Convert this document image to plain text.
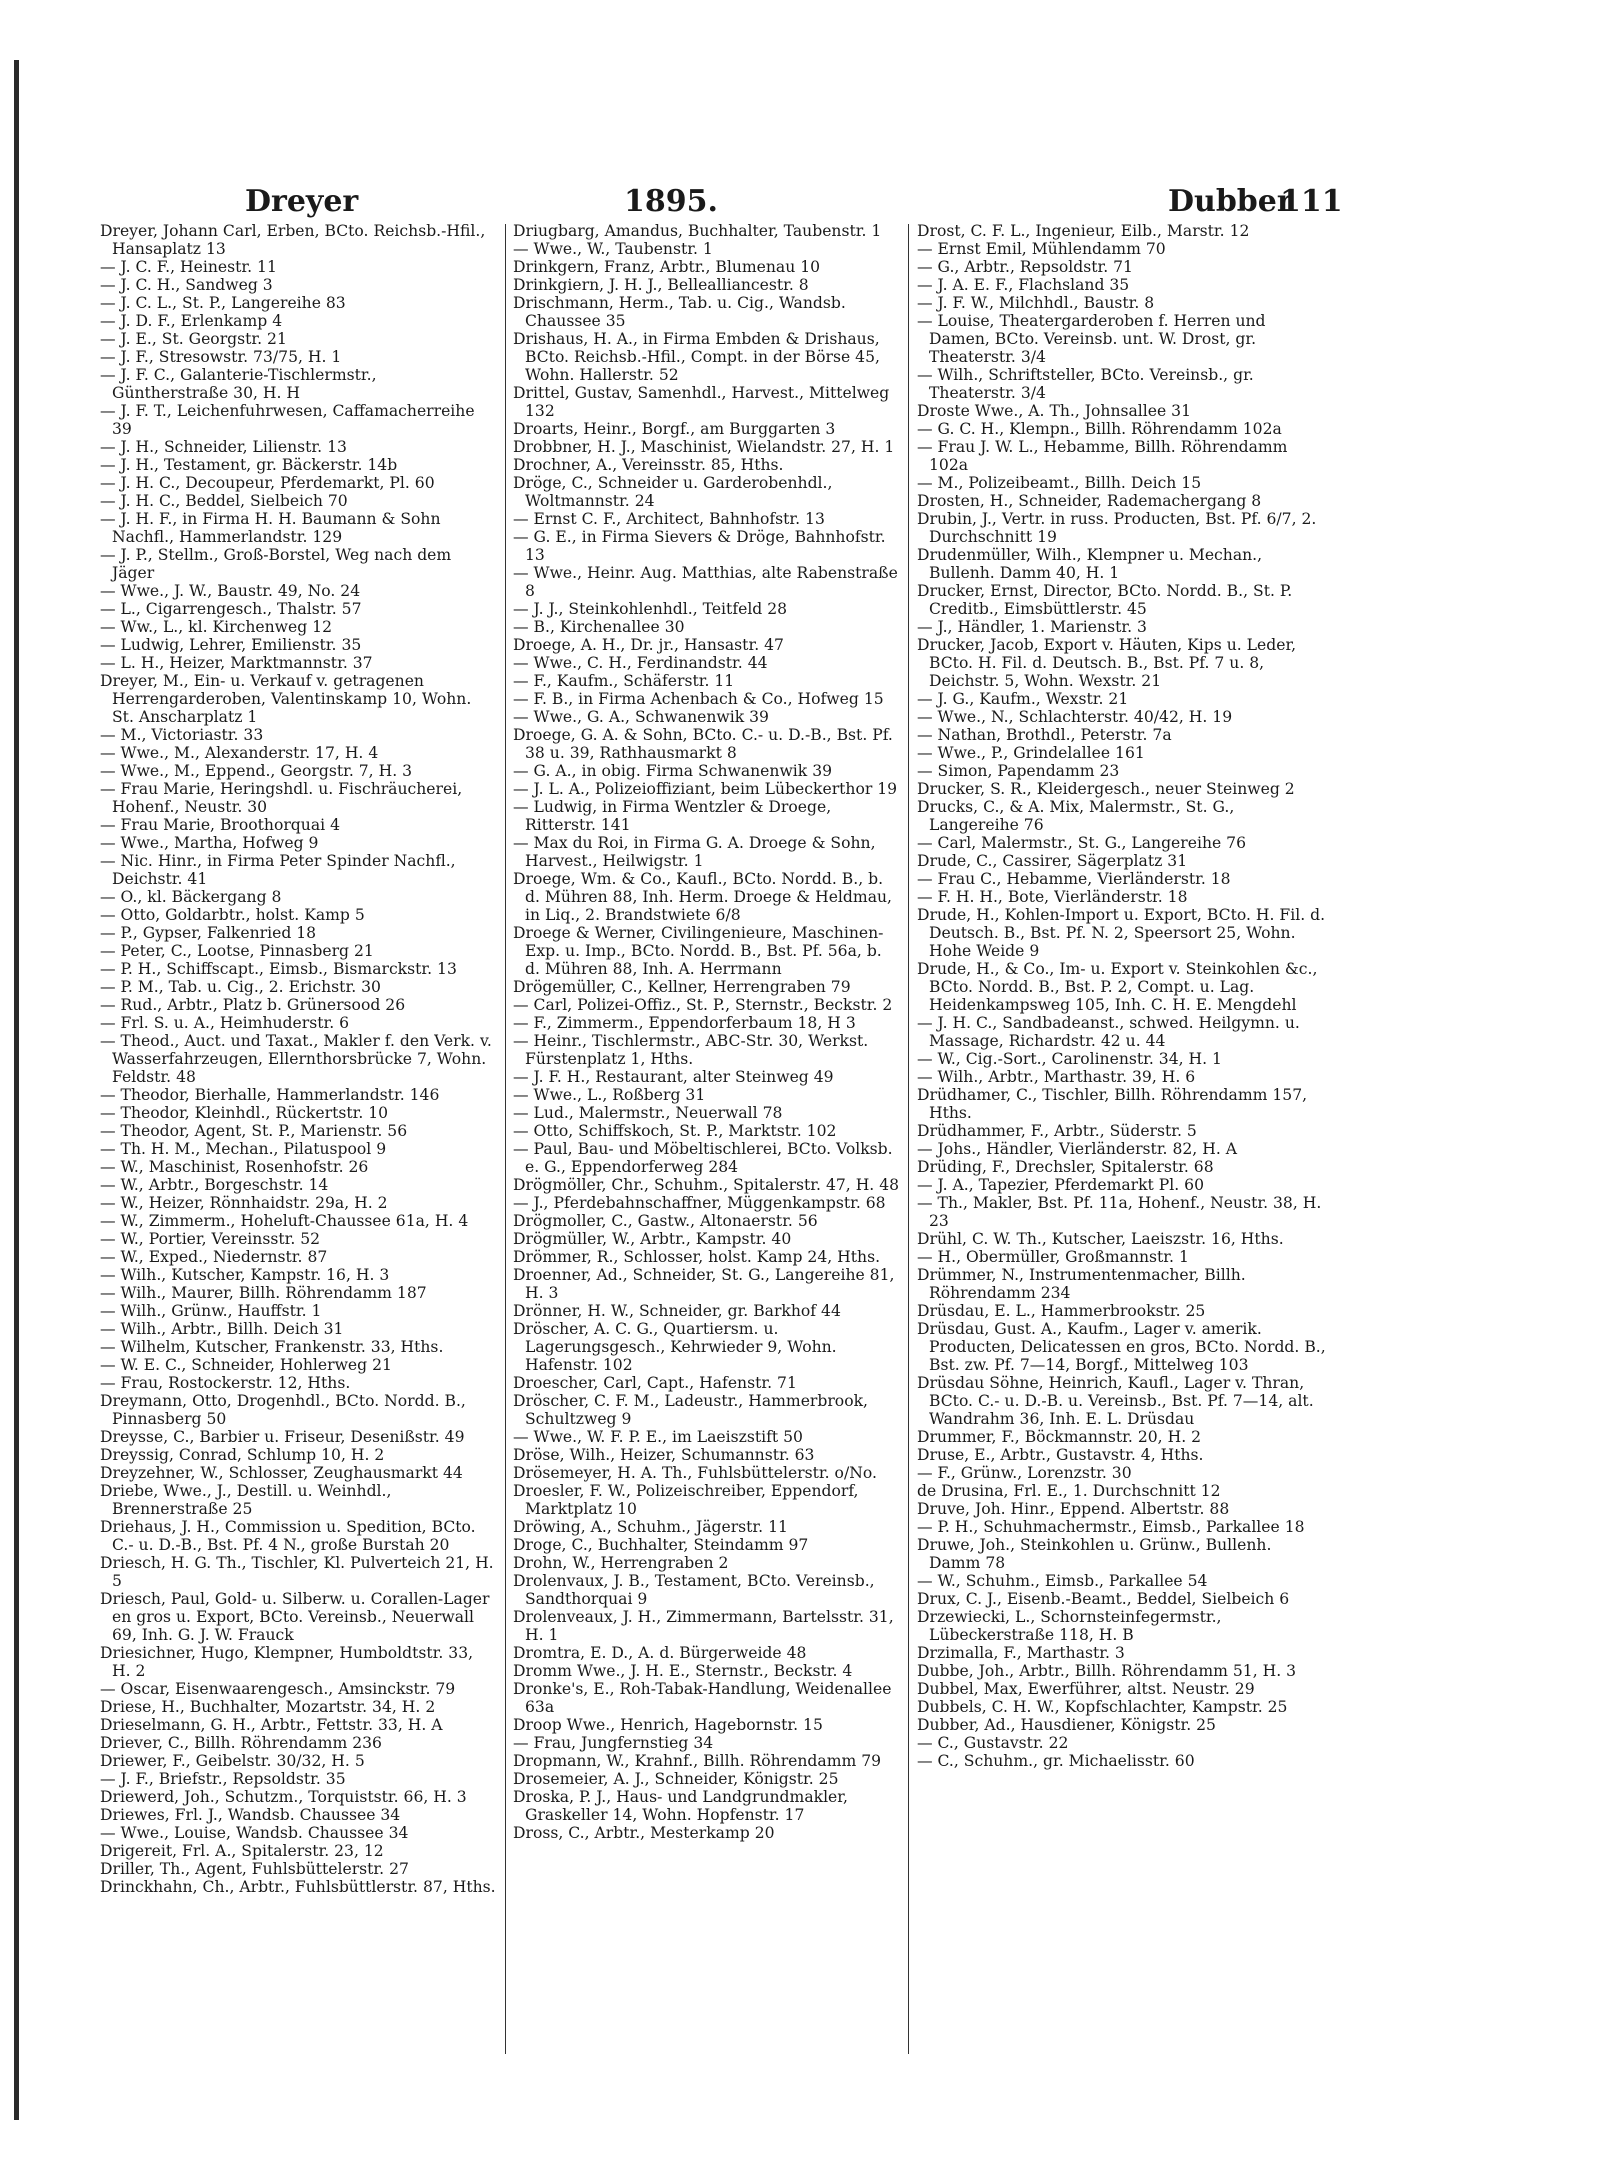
Dreyer	1895.	Dubber
111

Dreyer, Johann Carl, Erben, BCto. Reichsb.-Hfil., Hansaplatz 13

— J. C. F., Heinestr. 11

— J. C. H., Sandweg 3

— J. C. L., St. P., Langereihe 83

— J. D. F., Erlenkamp 4

— J. E., St. Georgstr. 21

— J. F., Stresowstr. 73/75, H. 1

— J. F. C., Galanterie-Tischlermstr., Güntherstraße 30, H. H

— J. F. T., Leichenfuhrwesen, Caffamacherreihe 39

— J. H., Schneider, Lilienstr. 13

— J. H., Testament, gr. Bäckerstr. 14b

— J. H. C., Decoupeur, Pferdemarkt, Pl. 60

— J. H. C., Beddel, Sielbeich 70

— J. H. F., in Firma H. H. Baumann & Sohn Nachfl., Hammerlandstr. 129

— J. P., Stellm., Groß-Borstel, Weg nach dem Jäger

— Wwe., J. W., Baustr. 49, No. 24

— L., Cigarrengesch., Thalstr. 57

— Ww., L., kl. Kirchenweg 12

— Ludwig, Lehrer, Emilienstr. 35

— L. H., Heizer, Marktmannstr. 37

Dreyer, M., Ein- u. Verkauf v. getragenen Herrengarderoben, Valentinskamp 10, Wohn. St. Anscharplatz 1

— M., Victoriastr. 33

— Wwe., M., Alexanderstr. 17, H. 4

— Wwe., M., Eppend., Georgstr. 7, H. 3

— Frau Marie, Heringshdl. u. Fischräucherei, Hohenf., Neustr. 30

— Frau Marie, Broothorquai 4

— Wwe., Martha, Hofweg 9

— Nic. Hinr., in Firma Peter Spinder Nachfl., Deichstr. 41

— O., kl. Bäckergang 8

— Otto, Goldarbtr., holst. Kamp 5

— P., Gypser, Falkenried 18

— Peter, C., Lootse, Pinnasberg 21

— P. H., Schiffscapt., Eimsb., Bismarckstr. 13

— P. M., Tab. u. Cig., 2. Erichstr. 30

— Rud., Arbtr., Platz b. Grünersood 26

— Frl. S. u. A., Heimhuderstr. 6

— Theod., Auct. und Taxat., Makler f. den Verk. v. Wasserfahrzeugen, Ellernthorsbrücke 7, Wohn. Feldstr. 48

— Theodor, Bierhalle, Hammerlandstr. 146

— Theodor, Kleinhdl., Rückertstr. 10

— Theodor, Agent, St. P., Marienstr. 56

— Th. H. M., Mechan., Pilatuspool 9

— W., Maschinist, Rosenhofstr. 26

— W., Arbtr., Borgeschstr. 14

— W., Heizer, Rönnhaidstr. 29a, H. 2

— W., Zimmerm., Hoheluft-Chaussee 61a, H. 4

— W., Portier, Vereinsstr. 52

— W., Exped., Niedernstr. 87

— Wilh., Kutscher, Kampstr. 16, H. 3

— Wilh., Maurer, Billh. Röhrendamm 187

— Wilh., Grünw., Hauffstr. 1

— Wilh., Arbtr., Billh. Deich 31

— Wilhelm, Kutscher, Frankenstr. 33, Hths.

— W. E. C., Schneider, Hohlerweg 21

— Frau, Rostockerstr. 12, Hths.

Dreymann, Otto, Drogenhdl., BCto. Nordd. B., Pinnasberg 50

Dreysse, C., Barbier u. Friseur, Desenißstr. 49

Dreyssig, Conrad, Schlump 10, H. 2

Dreyzehner, W., Schlosser, Zeughausmarkt 44

Driebe, Wwe., J., Destill. u. Weinhdl., Brennerstraße 25

Driehaus, J. H., Commission u. Spedition, BCto. C.- u. D.-B., Bst. Pf. 4 N., große Burstah 20

Driesch, H. G. Th., Tischler, Kl. Pulverteich 21, H. 5

Driesch, Paul, Gold- u. Silberw. u. Corallen-Lager en gros u. Export, BCto. Vereinsb., Neuerwall 69, Inh. G. J. W. Frauck

Driesichner, Hugo, Klempner, Humboldtstr. 33, H. 2

— Oscar, Eisenwaarengesch., Amsinckstr. 79

Driese, H., Buchhalter, Mozartstr. 34, H. 2

Drieselmann, G. H., Arbtr., Fettstr. 33, H. A

Driever, C., Billh. Röhrendamm 236

Driewer, F., Geibelstr. 30/32, H. 5

— J. F., Briefstr., Repsoldstr. 35

Driewerd, Joh., Schutzm., Torquiststr. 66, H. 3

Driewes, Frl. J., Wandsb. Chaussee 34

— Wwe., Louise, Wandsb. Chaussee 34

Drigereit, Frl. A., Spitalerstr. 23, 12

Driller, Th., Agent, Fuhlsbüttelerstr. 27

Drinckhahn, Ch., Arbtr., Fuhlsbüttlerstr. 87, Hths.

Driugbarg, Amandus, Buchhalter, Taubenstr. 1

— Wwe., W., Taubenstr. 1

Drinkgern, Franz, Arbtr., Blumenau 10

Drinkgiern, J. H. J., Bellealliancestr. 8

Drischmann, Herm., Tab. u. Cig., Wandsb. Chaussee 35

Drishaus, H. A., in Firma Embden & Drishaus, BCto. Reichsb.-Hfil., Compt. in der Börse 45, Wohn. Hallerstr. 52

Drittel, Gustav, Samenhdl., Harvest., Mittelweg 132

Droarts, Heinr., Borgf., am Burggarten 3

Drobbner, H. J., Maschinist, Wielandstr. 27, H. 1

Drochner, A., Vereinsstr. 85, Hths.

Dröge, C., Schneider u. Garderobenhdl., Woltmannstr. 24

— Ernst C. F., Architect, Bahnhofstr. 13

— G. E., in Firma Sievers & Dröge, Bahnhofstr. 13

— Wwe., Heinr. Aug. Matthias, alte Rabenstraße 8

— J. J., Steinkohlenhdl., Teitfeld 28

— B., Kirchenallee 30

Droege, A. H., Dr. jr., Hansastr. 47

— Wwe., C. H., Ferdinandstr. 44

— F., Kaufm., Schäferstr. 11

— F. B., in Firma Achenbach & Co., Hofweg 15

— Wwe., G. A., Schwanenwik 39

Droege, G. A. & Sohn, BCto. C.- u. D.-B., Bst. Pf. 38 u. 39, Rathhausmarkt 8

— G. A., in obig. Firma Schwanenwik 39

— J. L. A., Polizeioffiziant, beim Lübeckerthor 19

— Ludwig, in Firma Wentzler & Droege, Ritterstr. 141

— Max du Roi, in Firma G. A. Droege & Sohn, Harvest., Heilwigstr. 1

Droege, Wm. & Co., Kaufl., BCto. Nordd. B., b. d. Mühren 88, Inh. Herm. Droege & Heldmau, in Liq., 2. Brandstwiete 6/8

Droege & Werner, Civilingenieure, Maschinen-Exp. u. Imp., BCto. Nordd. B., Bst. Pf. 56a, b. d. Mühren 88, Inh. A. Herrmann

Drögemüller, C., Kellner, Herrengraben 79

— Carl, Polizei-Offiz., St. P., Sternstr., Beckstr. 2

— F., Zimmerm., Eppendorferbaum 18, H 3

— Heinr., Tischlermstr., ABC-Str. 30, Werkst. Fürstenplatz 1, Hths.

— J. F. H., Restaurant, alter Steinweg 49

— Wwe., L., Roßberg 31

— Lud., Malermstr., Neuerwall 78

— Otto, Schiffskoch, St. P., Marktstr. 102

— Paul, Bau- und Möbeltischlerei, BCto. Volksb. e. G., Eppendorferweg 284

Drögmöller, Chr., Schuhm., Spitalerstr. 47, H. 48

— J., Pferdebahnschaffner, Müggenkampstr. 68

Drögmoller, C., Gastw., Altonaerstr. 56

Drögmüller, W., Arbtr., Kampstr. 40

Drömmer, R., Schlosser, holst. Kamp 24, Hths.

Droenner, Ad., Schneider, St. G., Langereihe 81, H. 3

Drönner, H. W., Schneider, gr. Barkhof 44

Dröscher, A. C. G., Quartiersm. u. Lagerungsgesch., Kehrwieder 9, Wohn. Hafenstr. 102

Droescher, Carl, Capt., Hafenstr. 71

Dröscher, C. F. M., Ladeustr., Hammerbrook, Schultzweg 9

— Wwe., W. F. P. E., im Laeiszstift 50

Dröse, Wilh., Heizer, Schumannstr. 63

Drösemeyer, H. A. Th., Fuhlsbüttelerstr. o/No.

Droesler, F. W., Polizeischreiber, Eppendorf, Marktplatz 10

Dröwing, A., Schuhm., Jägerstr. 11

Droge, C., Buchhalter, Steindamm 97

Drohn, W., Herrengraben 2

Drolenvaux, J. B., Testament, BCto. Vereinsb., Sandthorquai 9

Drolenveaux, J. H., Zimmermann, Bartelsstr. 31, H. 1

Dromtra, E. D., A. d. Bürgerweide 48

Dromm Wwe., J. H. E., Sternstr., Beckstr. 4

Dronke's, E., Roh-Tabak-Handlung, Weidenallee 63a

Droop Wwe., Henrich, Hagebornstr. 15

— Frau, Jungfernstieg 34

Dropmann, W., Krahnf., Billh. Röhrendamm 79

Drosemeier, A. J., Schneider, Königstr. 25

Droska, P. J., Haus- und Landgrundmakler, Graskeller 14, Wohn. Hopfenstr. 17

Dross, C., Arbtr., Mesterkamp 20

Drost, C. F. L., Ingenieur, Eilb., Marstr. 12

— Ernst Emil, Mühlendamm 70

— G., Arbtr., Repsoldstr. 71

— J. A. E. F., Flachsland 35

— J. F. W., Milchhdl., Baustr. 8

— Louise, Theatergarderoben f. Herren und Damen, BCto. Vereinsb. unt. W. Drost, gr. Theaterstr. 3/4

— Wilh., Schriftsteller, BCto. Vereinsb., gr. Theaterstr. 3/4

Droste Wwe., A. Th., Johnsallee 31

— G. C. H., Klempn., Billh. Röhrendamm 102a

— Frau J. W. L., Hebamme, Billh. Röhrendamm 102a

— M., Polizeibeamt., Billh. Deich 15

Drosten, H., Schneider, Rademachergang 8

Drubin, J., Vertr. in russ. Producten, Bst. Pf. 6/7, 2. Durchschnitt 19

Drudenmüller, Wilh., Klempner u. Mechan., Bullenh. Damm 40, H. 1

Drucker, Ernst, Director, BCto. Nordd. B., St. P. Creditb., Eimsbüttlerstr. 45

— J., Händler, 1. Marienstr. 3

Drucker, Jacob, Export v. Häuten, Kips u. Leder, BCto. H. Fil. d. Deutsch. B., Bst. Pf. 7 u. 8, Deichstr. 5, Wohn. Wexstr. 21

— J. G., Kaufm., Wexstr. 21

— Wwe., N., Schlachterstr. 40/42, H. 19

— Nathan, Brothdl., Peterstr. 7a

— Wwe., P., Grindelallee 161

— Simon, Papendamm 23

Drucker, S. R., Kleidergesch., neuer Steinweg 2

Drucks, C., & A. Mix, Malermstr., St. G., Langereihe 76

— Carl, Malermstr., St. G., Langereihe 76

Drude, C., Cassirer, Sägerplatz 31

— Frau C., Hebamme, Vierländerstr. 18

— F. H. H., Bote, Vierländerstr. 18

Drude, H., Kohlen-Import u. Export, BCto. H. Fil. d. Deutsch. B., Bst. Pf. N. 2, Speersort 25, Wohn. Hohe Weide 9

Drude, H., & Co., Im- u. Export v. Steinkohlen &c., BCto. Nordd. B., Bst. P. 2, Compt. u. Lag. Heidenkampsweg 105, Inh. C. H. E. Mengdehl

— J. H. C., Sandbadeanst., schwed. Heilgymn. u. Massage, Richardstr. 42 u. 44

— W., Cig.-Sort., Carolinenstr. 34, H. 1

— Wilh., Arbtr., Marthastr. 39, H. 6

Drüdhamer, C., Tischler, Billh. Röhrendamm 157, Hths.

Drüdhammer, F., Arbtr., Süderstr. 5

— Johs., Händler, Vierländerstr. 82, H. A

Drüding, F., Drechsler, Spitalerstr. 68

— J. A., Tapezier, Pferdemarkt Pl. 60

— Th., Makler, Bst. Pf. 11a, Hohenf., Neustr. 38, H. 23

Drühl, C. W. Th., Kutscher, Laeiszstr. 16, Hths.

— H., Obermüller, Großmannstr. 1

Drümmer, N., Instrumentenmacher, Billh. Röhrendamm 234

Drüsdau, E. L., Hammerbrookstr. 25

Drüsdau, Gust. A., Kaufm., Lager v. amerik. Producten, Delicatessen en gros, BCto. Nordd. B., Bst. zw. Pf. 7—14, Borgf., Mittelweg 103

Drüsdau Söhne, Heinrich, Kaufl., Lager v. Thran, BCto. C.- u. D.-B. u. Vereinsb., Bst. Pf. 7—14, alt. Wandrahm 36, Inh. E. L. Drüsdau

Drummer, F., Böckmannstr. 20, H. 2

Druse, E., Arbtr., Gustavstr. 4, Hths.

— F., Grünw., Lorenzstr. 30

de Drusina, Frl. E., 1. Durchschnitt 12

Druve, Joh. Hinr., Eppend. Albertstr. 88

— P. H., Schuhmachermstr., Eimsb., Parkallee 18

Druwe, Joh., Steinkohlen u. Grünw., Bullenh. Damm 78

— W., Schuhm., Eimsb., Parkallee 54

Drux, C. J., Eisenb.-Beamt., Beddel, Sielbeich 6

Drzewiecki, L., Schornsteinfegermstr., Lübeckerstraße 118, H. B

Drzimalla, F., Marthastr. 3

Dubbe, Joh., Arbtr., Billh. Röhrendamm 51, H. 3

Dubbel, Max, Ewerführer, altst. Neustr. 29

Dubbels, C. H. W., Kopfschlachter, Kampstr. 25

Dubber, Ad., Hausdiener, Königstr. 25

— C., Gustavstr. 22

— C., Schuhm., gr. Michaelisstr. 60
